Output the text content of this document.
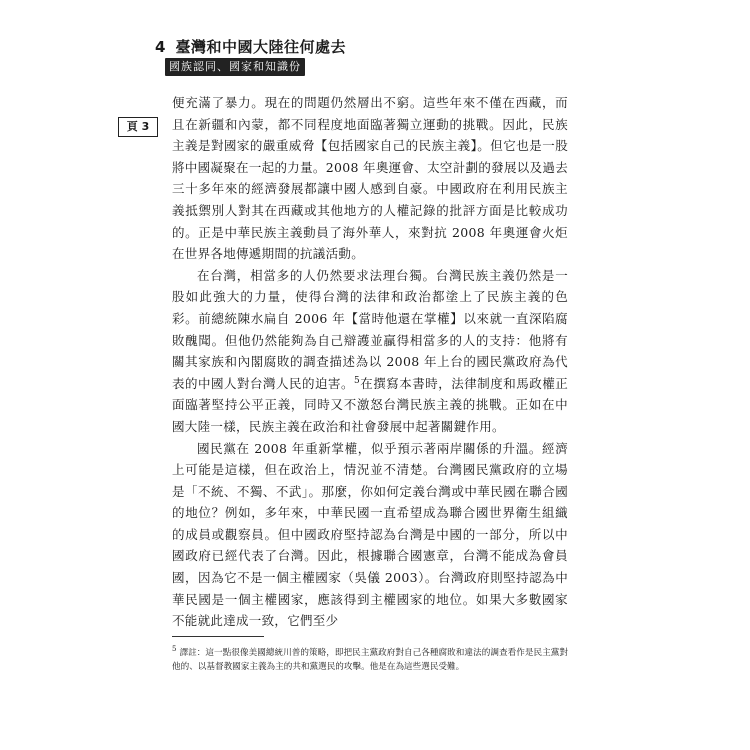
4 臺灣和中國大陸往何處去
國族認同、國家和知識份子
頁 3

便充滿了暴力。現在的問題仍然層出不窮。這些年來不僅在西藏，而且在新疆和內蒙，都不同程度地面臨著獨立運動的挑戰。因此，民族主義是對國家的嚴重威脅【包括國家自己的民族主義】。但它也是一股將中國凝聚在一起的力量。2008 年奧運會、太空計劃的發展以及過去三十多年來的經濟發展都讓中國人感到自豪。中國政府在利用民族主義抵禦別人對其在西藏或其他地方的人權記錄的批評方面是比較成功的。正是中華民族主義動員了海外華人，來對抗 2008 年奧運會火炬在世界各地傳遞期間的抗議活動。

在台灣，相當多的人仍然要求法理台獨。台灣民族主義仍然是一股如此強大的力量，使得台灣的法律和政治都塗上了民族主義的色彩。前總統陳水扁自 2006 年【當時他還在掌權】以來就一直深陷腐敗醜聞。但他仍然能夠為自己辯護並贏得相當多的人的支持：他將有關其家族和內閣腐敗的調查描述為以 2008 年上台的國民黨政府為代表的中國人對台灣人民的迫害。$^5$在撰寫本書時，法律制度和馬政權正面臨著堅持公平正義，同時又不激怒台灣民族主義的挑戰。正如在中國大陸一樣，民族主義在政治和社會發展中起著關鍵作用。

國民黨在 2008 年重新掌權，似乎預示著兩岸關係的升溫。經濟上可能是這樣，但在政治上，情況並不清楚。台灣國民黨政府的立場是「不統、不獨、不武」。那麼，你如何定義台灣或中華民國在聯合國的地位？例如，多年來，中華民國一直希望成為聯合國世界衛生組織的成員或觀察員。但中國政府堅持認為台灣是中國的一部分，所以中國政府已經代表了台灣。因此，根據聯合國憲章，台灣不能成為會員國，因為它不是一個主權國家（吳儀 2003）。台灣政府則堅持認為中華民國是一個主權國家，應該得到主權國家的地位。如果大多數國家不能就此達成一致，它們至少

$^5$ 譯註：這一點很像美國總統川普的策略，即把民主黨政府對自己各種腐敗和違法的調查看作是民主黨對他的、以基督教國家主義為主的共和黨選民的攻擊。他是在為這些選民受難。
